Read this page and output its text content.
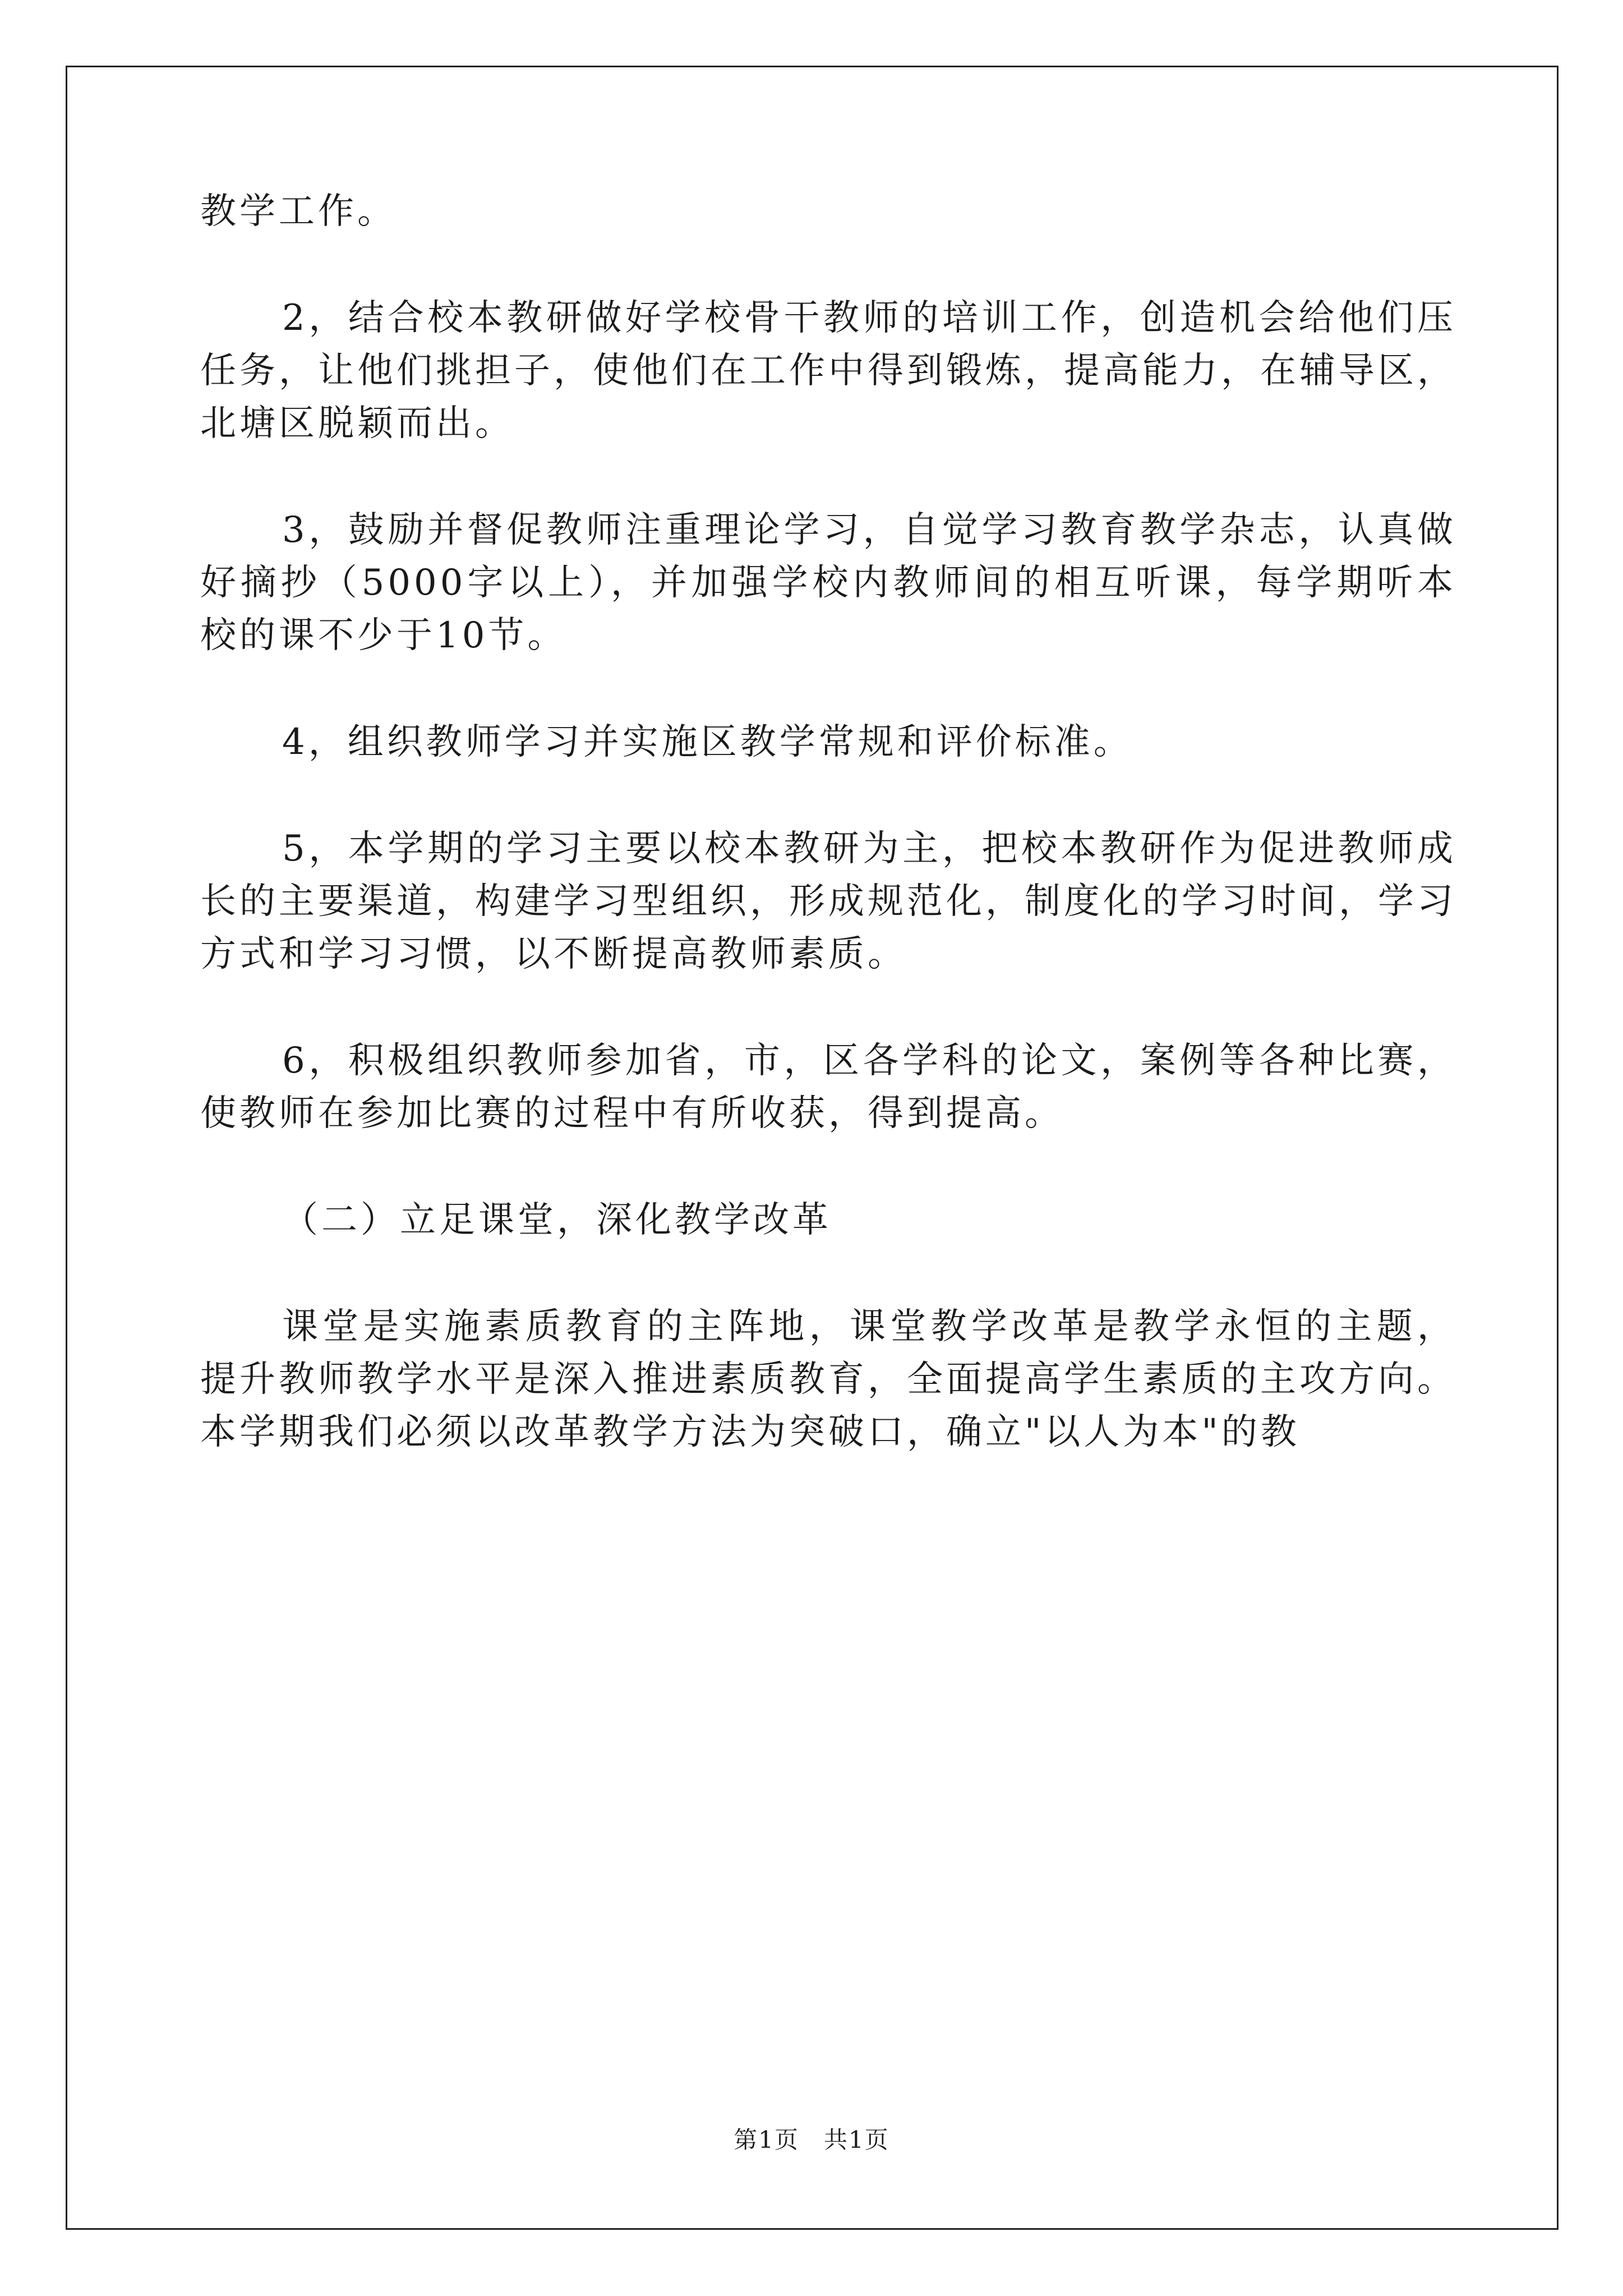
教学工作。

2，结合校本教研做好学校骨干教师的培训工作，创造机会给他们压任务，让他们挑担子，使他们在工作中得到锻炼，提高能力，在辅导区，北塘区脱颖而出。

3，鼓励并督促教师注重理论学习，自觉学习教育教学杂志，认真做好摘抄（5000字以上），并加强学校内教师间的相互听课，每学期听本校的课不少于10节。

4，组织教师学习并实施区教学常规和评价标准。

5，本学期的学习主要以校本教研为主，把校本教研作为促进教师成长的主要渠道，构建学习型组织，形成规范化，制度化的学习时间，学习方式和学习习惯，以不断提高教师素质。

6，积极组织教师参加省，市，区各学科的论文，案例等各种比赛，使教师在参加比赛的过程中有所收获，得到提高。

（二）立足课堂，深化教学改革

课堂是实施素质教育的主阵地，课堂教学改革是教学永恒的主题，提升教师教学水平是深入推进素质教育，全面提高学生素质的主攻方向。本学期我们必须以改革教学方法为突破口，确立"以人为本"的教

第1页　共1页
